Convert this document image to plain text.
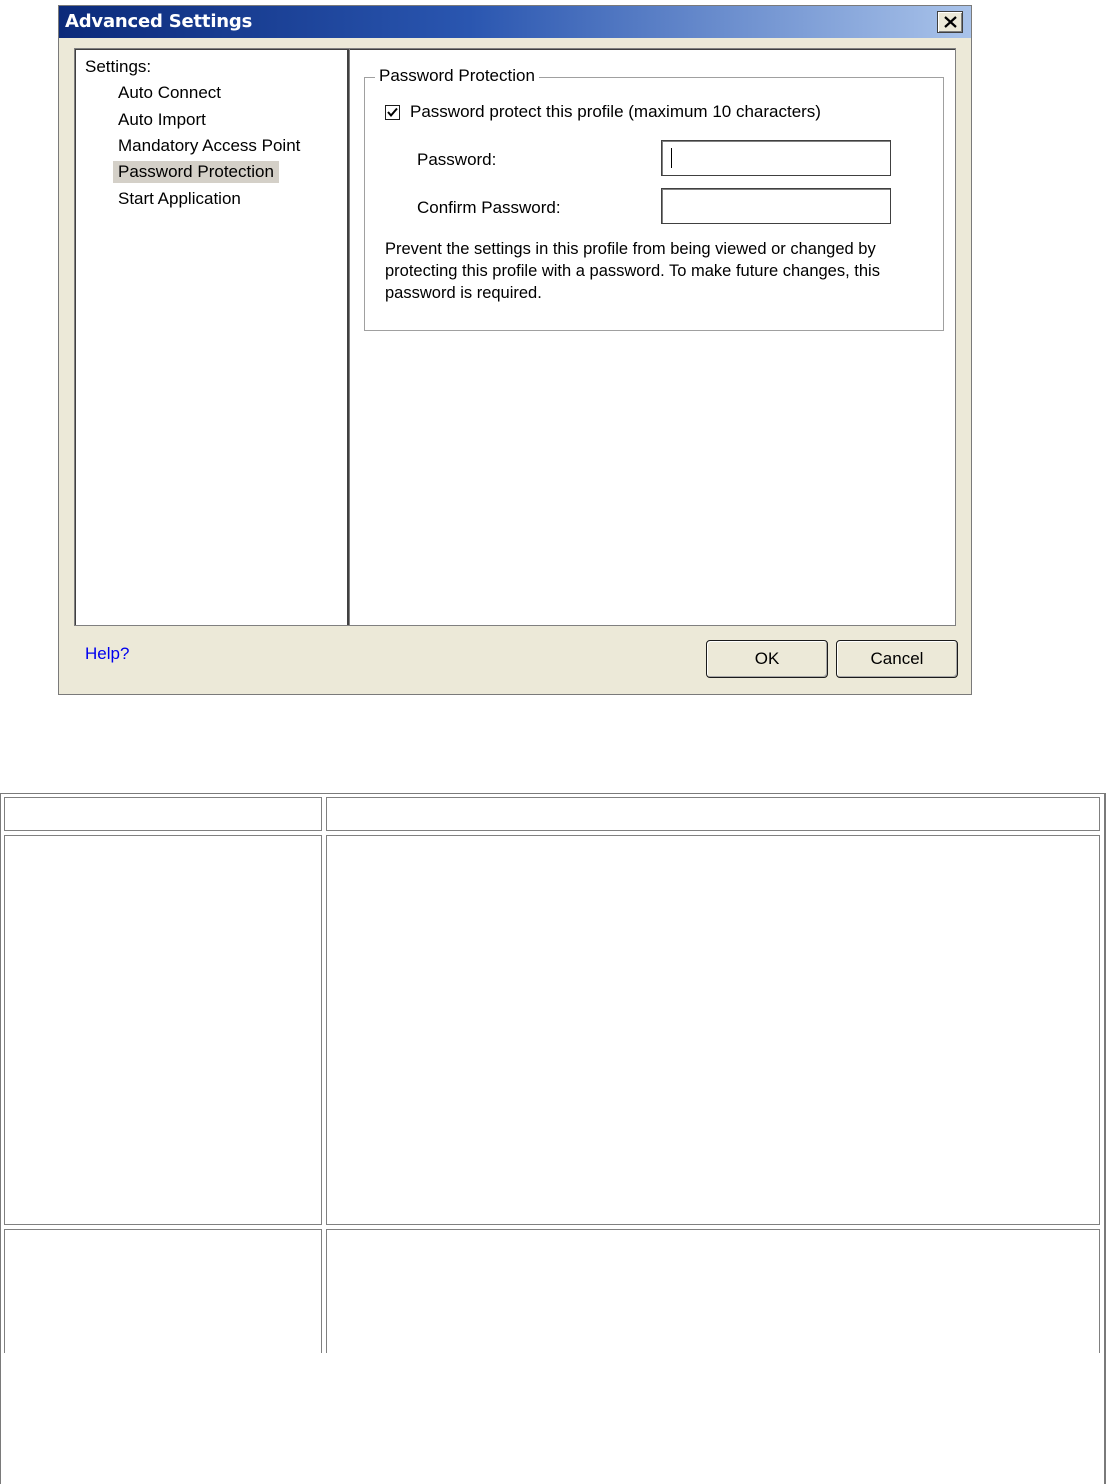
Advanced Settings
Settings:
Auto Connect
Auto Import
Mandatory Access Point
Password Protection
Start Application
Password Protection
Password protect this profile (maximum 10 characters)
Password:
Confirm Password:
Prevent the settings in this profile from being viewed or changed by protecting this profile with a password. To make future changes, this password is required.
Help?	OK	Cancel
